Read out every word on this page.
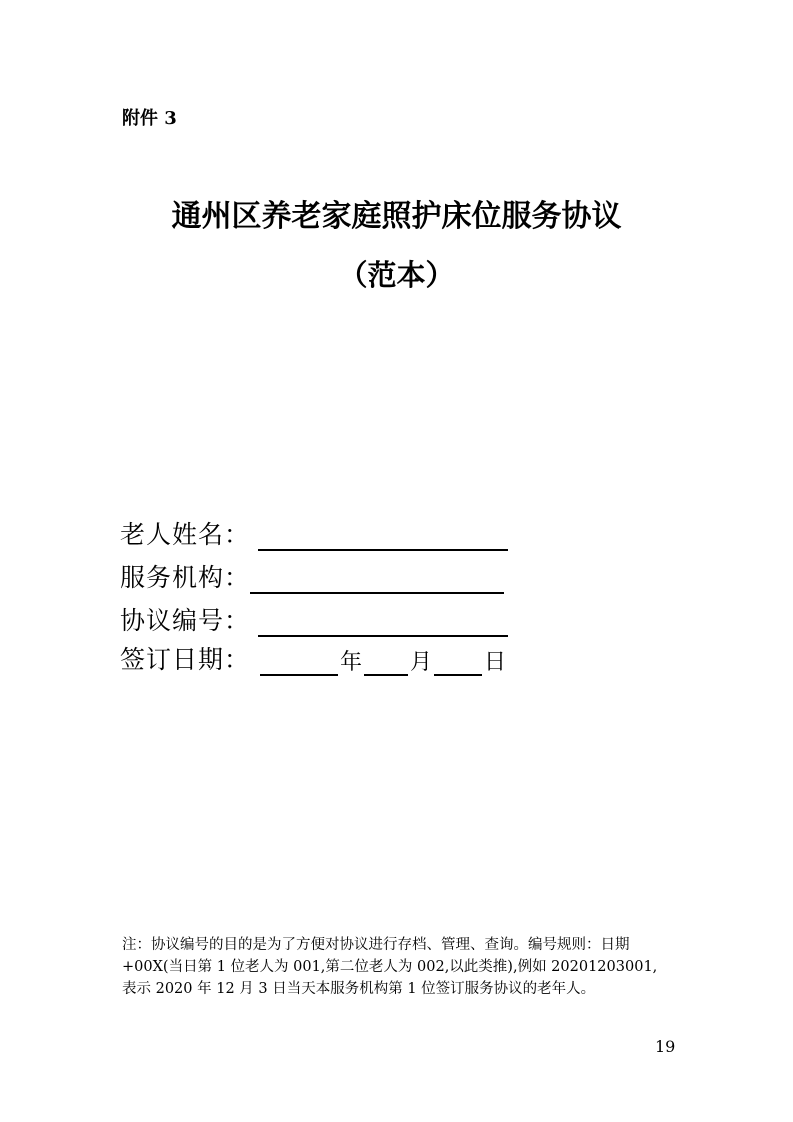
附件 3
通州区养老家庭照护床位服务协议
（范本）
老人姓名：
服务机构：
协议编号：
签订日期：	年 月 日
注：协议编号的目的是为了方便对协议进行存档、管理、查询。编号规则：日期
+00X(当日第 1 位老人为 001,第二位老人为 002,以此类推),例如 20201203001,
表示 2020 年 12 月 3 日当天本服务机构第 1 位签订服务协议的老年人。
19
